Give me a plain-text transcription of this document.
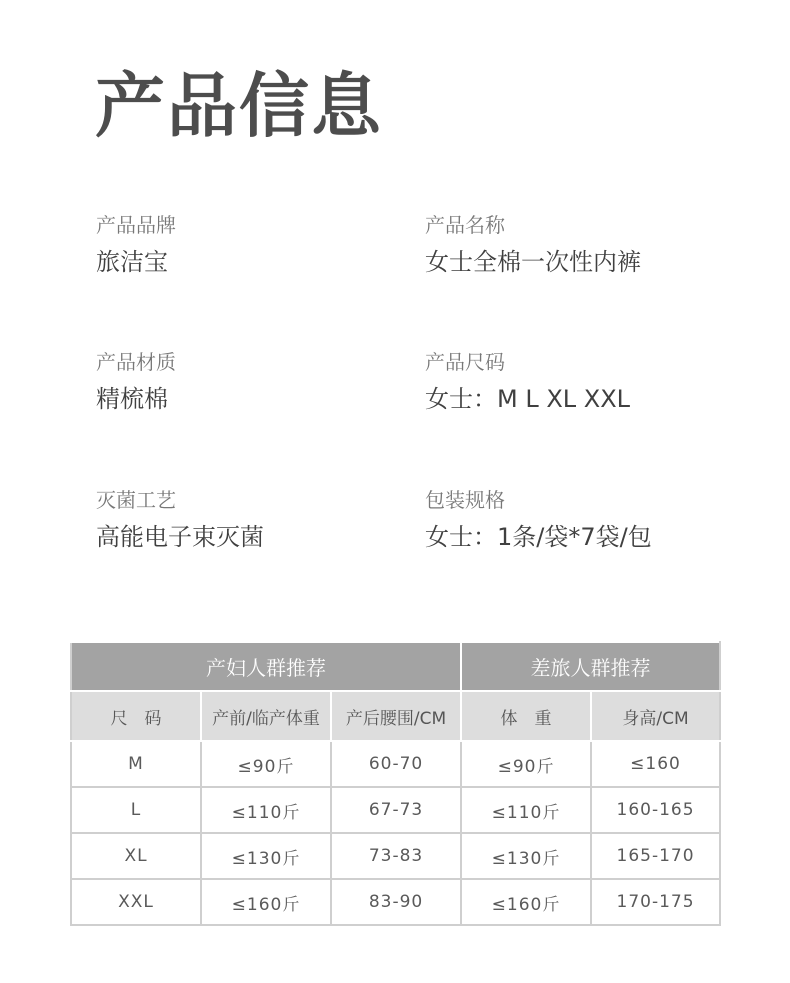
产品信息
产品品牌
旅洁宝
产品名称
女士全棉一次性内裤
产品材质
精梳棉
产品尺码
女士：M L XL XXL
灭菌工艺
高能电子束灭菌
包装规格
女士：1条/袋*7袋/包
产妇人群推荐			差旅人群推荐	
尺　码	产前/临产体重	产后腰围/CM	体　重	身高/CM
M	≤90斤	60-70	≤90斤	≤160
L	≤110斤	67-73	≤110斤	160-165
XL	≤130斤	73-83	≤130斤	165-170
XXL	≤160斤	83-90	≤160斤	170-175
